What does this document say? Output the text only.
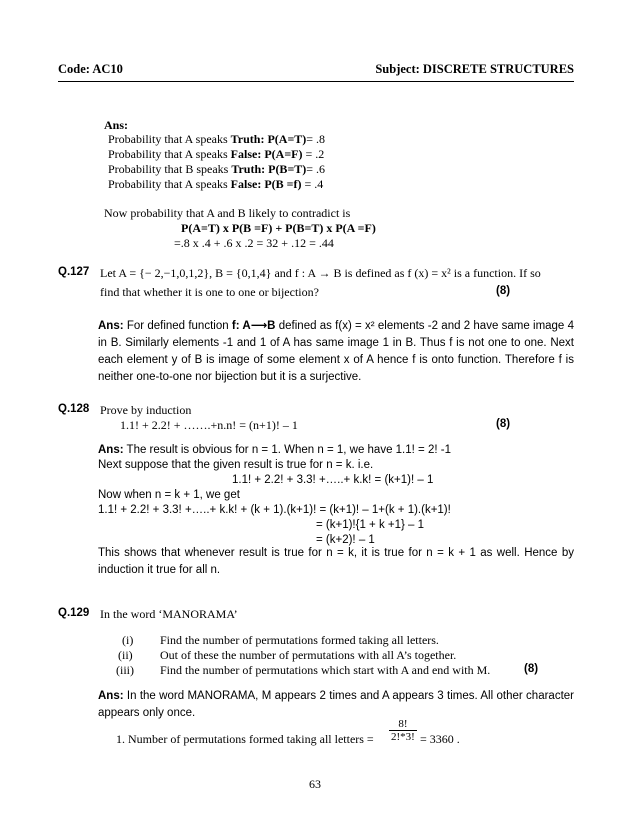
Code: AC10	Subject: DISCRETE STRUCTURES
Ans:
Probability that A speaks Truth: P(A=T)= .8
Probability that A speaks False: P(A=F) = .2
Probability that B speaks Truth: P(B=T)= .6
Probability that A speaks False: P(B =f) = .4
Now probability that A and B likely to contradict is
P(A=T) x P(B =F) + P(B=T) x P(A =F)
=.8 x .4 + .6 x .2 = 32 + .12 = .44
Q.127 Let A = {− 2,−1,0,1,2}, B = {0,1,4} and f : A → B is defined as f (x) = x² is a function. If so
find that whether it is one to one or bijection?	(8)
Ans: For defined function f: A⟶B defined as f(x) = x² elements -2 and 2 have same image 4 in B. Similarly elements -1 and 1 of A has same image 1 in B. Thus f is not one to one. Next each element y of B is image of some element x of A hence f is onto function. Therefore f is neither one-to-one nor bijection but it is a surjective.
Q.128 Prove by induction
1.1! + 2.2! + …….+n.n! = (n+1)! – 1	(8)
Ans: The result is obvious for n = 1. When n = 1, we have 1.1! = 2! -1
Next suppose that the given result is true for n = k. i.e.
1.1! + 2.2! + 3.3! +…..+ k.k! = (k+1)! – 1
Now when n = k + 1, we get
1.1! + 2.2! + 3.3! +…..+ k.k! + (k + 1).(k+1)! = (k+1)! – 1+(k + 1).(k+1)!
= (k+1)!{1 + k +1} – 1
= (k+2)! – 1
This shows that whenever result is true for n = k, it is true for n = k + 1 as well. Hence by induction it true for all n.
Q.129 In the word ‘MANORAMA’
(i) Find the number of permutations formed taking all letters.
(ii) Out of these the number of permutations with all A’s together.
(iii) Find the number of permutations which start with A and end with M.	(8)
Ans: In the word MANORAMA, M appears 2 times and A appears 3 times. All other character appears only once.
1. Number of permutations formed taking all letters = $\frac{8!}{2!*3!} = 3360$ .
63
